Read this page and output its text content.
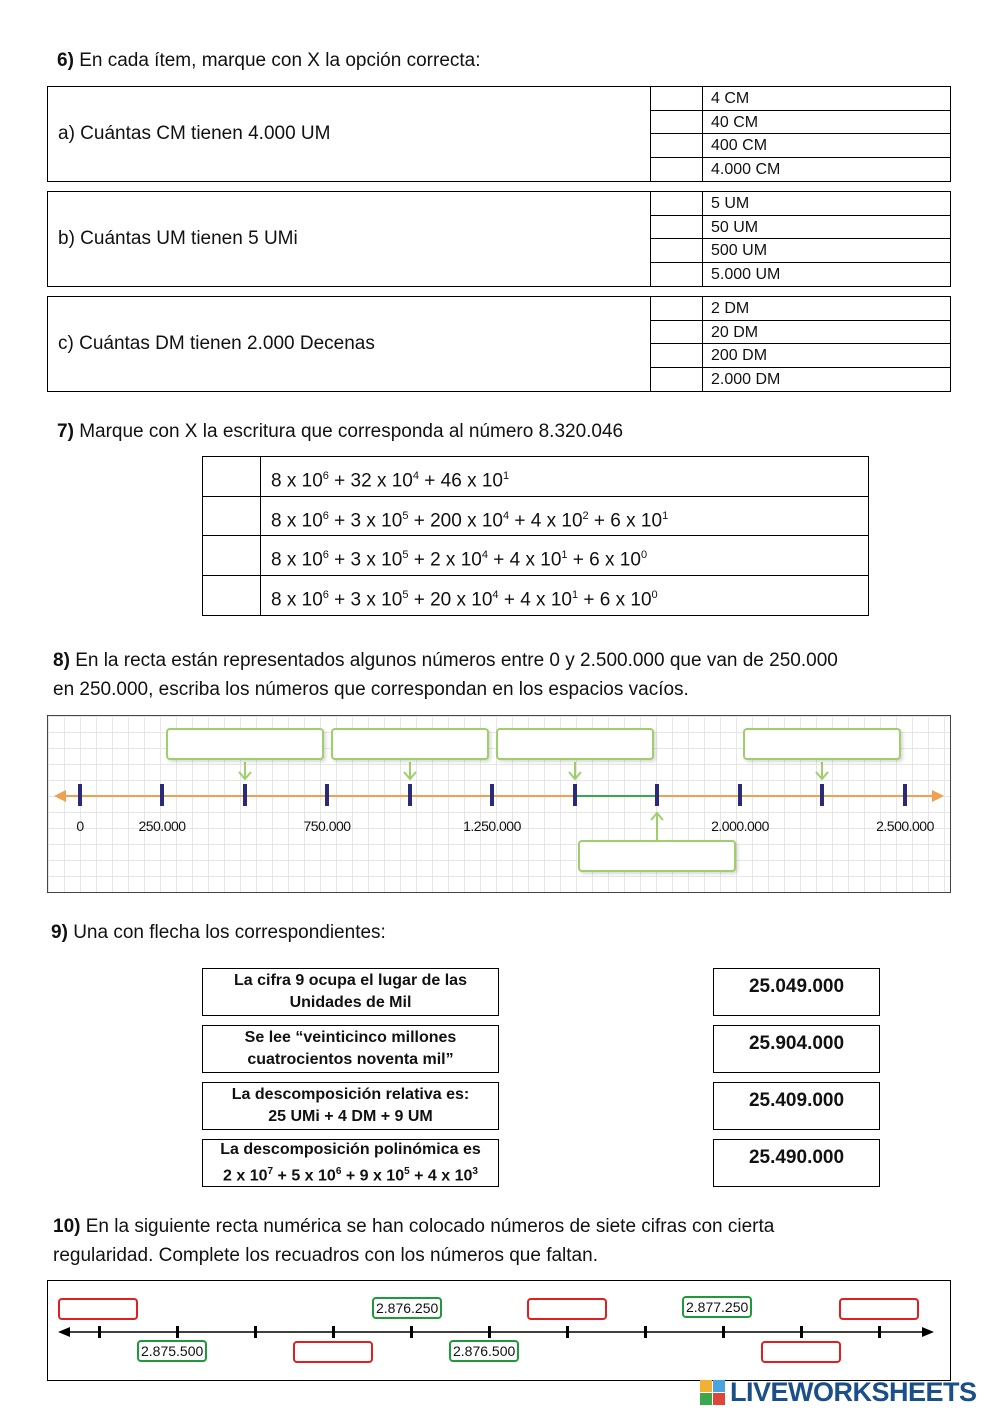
6) En cada ítem, marque con X la opción correcta:
a) Cuántas CM tienen 4.000 UM
4 CM
40 CM
400 CM
4.000 CM
b) Cuántas UM tienen 5 UMi
5 UM
50 UM
500 UM
5.000 UM
c) Cuántas DM tienen 2.000 Decenas
2 DM
20 DM
200 DM
2.000 DM
7) Marque con X la escritura que corresponda al número 8.320.046
8 x $10^6 + 32$ x $10^4 + 46$ x $10^1$
8 x $10^6 + 3$ x $10^5 + 200$ x $10^4 + 4$ x $10^2 + 6$ x $10^1$
8 x $10^6 + 3$ x $10^5 + 2$ x $10^4 + 4$ x $10^1 + 6$ x $10^0$
8 x $10^6 + 3$ x $10^5 + 20$ x $10^4 + 4$ x $10^1 + 6$ x $10^0$
8) En la recta están representados algunos números entre 0 y 2.500.000 que van de 250.000
en 250.000, escriba los números que correspondan en los espacios vacíos.
0	250.000	750.000	1.250.000	2.000.000	2.500.000
9) Una con flecha los correspondientes:
La cifra 9 ocupa el lugar de las
Unidades de Mil
25.049.000
Se lee “veinticinco millones
cuatrocientos noventa mil”
25.904.000
La descomposición relativa es:
25 UMi + 4 DM + 9 UM
25.409.000
La descomposición polinómica es
2 x $10^7 + 5$ x $10^6 + 9$ x $10^5 + 4$ x $10^3$
25.490.000
10) En la siguiente recta numérica se han colocado números de siete cifras con cierta
regularidad. Complete los recuadros con los números que faltan.
2.876.250	2.877.250
2.875.500	2.876.500
LIVEWORKSHEETS
